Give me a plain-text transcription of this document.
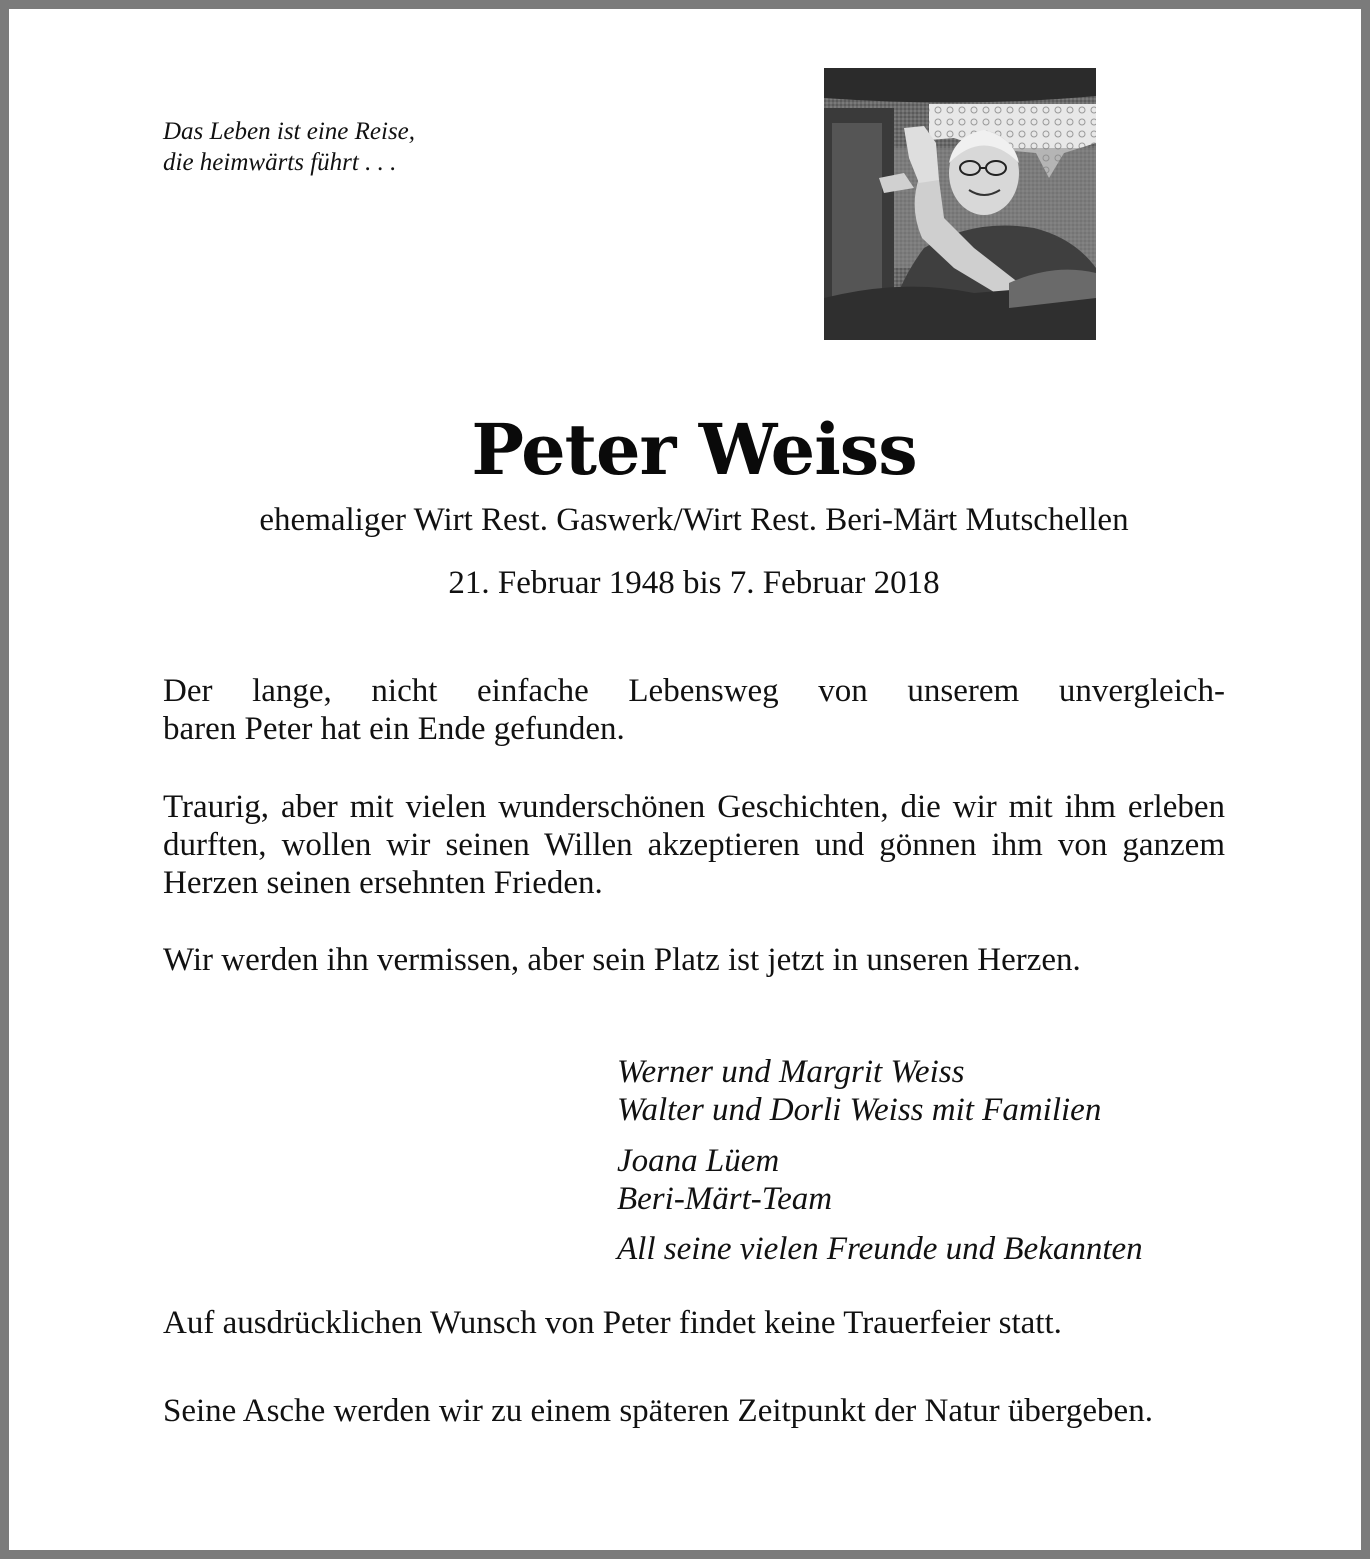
Das Leben ist eine Reise,
die heimwärts führt . . .
Peter Weiss
ehemaliger Wirt Rest. Gaswerk/Wirt Rest. Beri-Märt Mutschellen
21. Februar 1948 bis 7. Februar 2018
Der lange, nicht einfache Lebensweg von unserem unvergleich-
baren Peter hat ein Ende gefunden.

Traurig, aber mit vielen wunderschönen Geschichten, die wir mit ihm erleben durften, wollen wir seinen Willen akzeptieren und gönnen ihm von ganzem Herzen seinen ersehnten Frieden.

Wir werden ihn vermissen, aber sein Platz ist jetzt in unseren Herzen.

Werner und Margrit Weiss
Walter und Dorli Weiss mit Familien
Joana Lüem
Beri-Märt-Team
All seine vielen Freunde und Bekannten

Auf ausdrücklichen Wunsch von Peter findet keine Trauerfeier statt.

Seine Asche werden wir zu einem späteren Zeitpunkt der Natur übergeben.
